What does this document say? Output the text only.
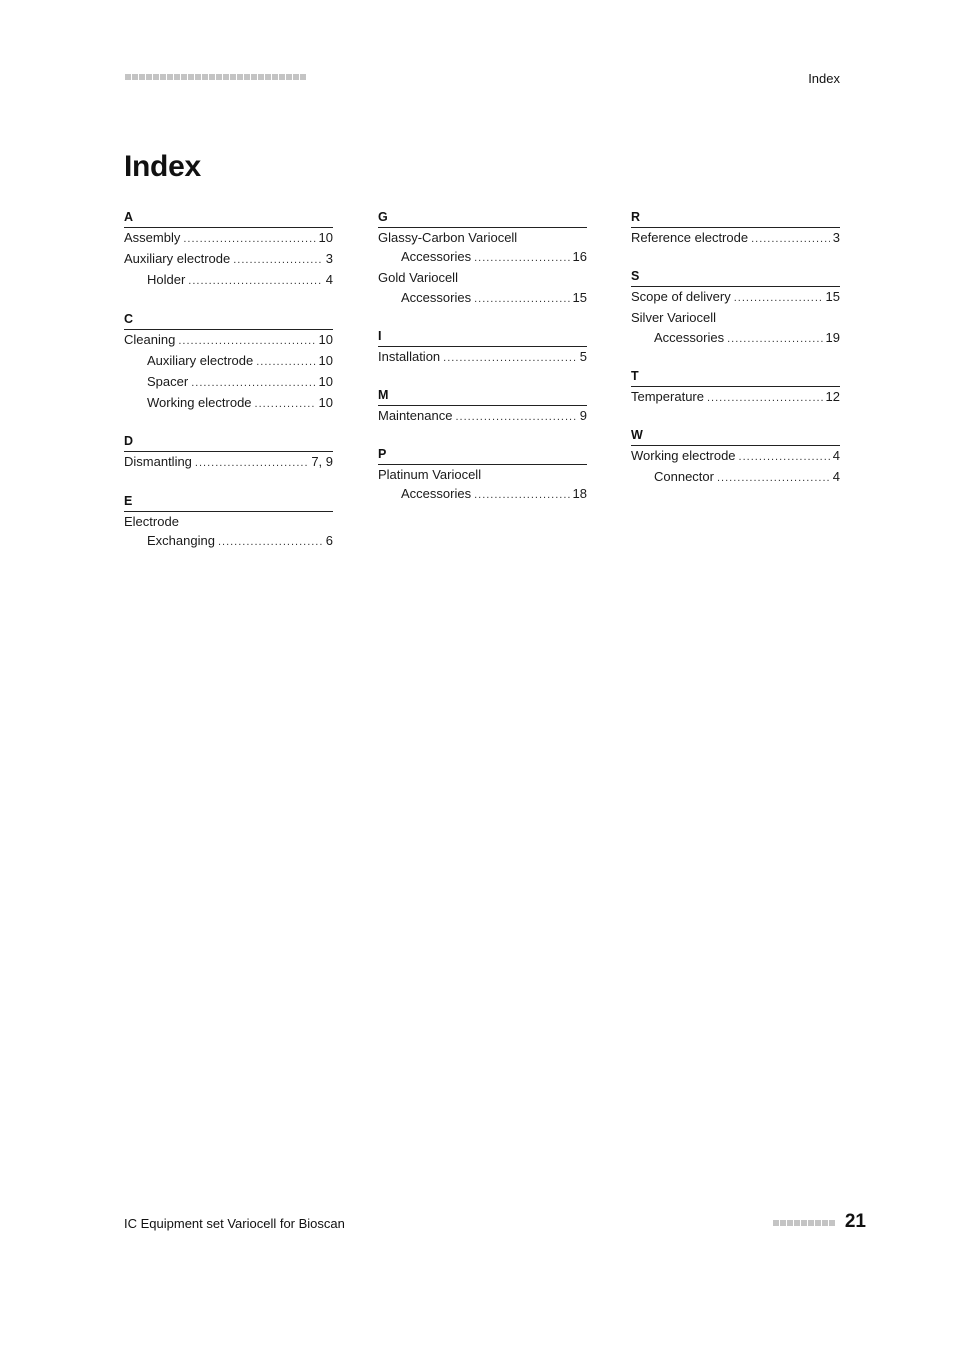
Index
Index
A
Assembly .....	10
Auxiliary electrode .....	3
Holder .....	4
C
Cleaning .....	10
Auxiliary electrode .....	10
Spacer .....	10
Working electrode .....	10
D
Dismantling .....	7, 9
E
Electrode
Exchanging .....	6
G
Glassy-Carbon Variocell
Accessories .....	16
Gold Variocell
Accessories .....	15
I
Installation .....	5
M
Maintenance .....	9
P
Platinum Variocell
Accessories .....	18
R
Reference electrode .....	3
S
Scope of delivery .....	15
Silver Variocell
Accessories .....	19
T
Temperature .....	12
W
Working electrode .....	4
Connector .....	4
IC Equipment set Variocell for Bioscan	21
